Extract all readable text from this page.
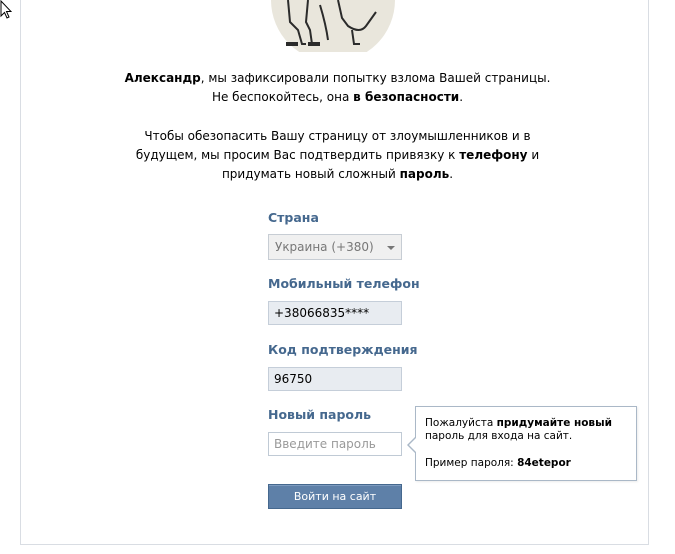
Александр, мы зафиксировали попытку взлома Вашей страницы.
Не беспокойтесь, она в безопасности.
Чтобы обезопасить Вашу страницу от злоумышленников и в
будущем, мы просим Вас подтвердить привязку к телефону и
придумать новый сложный пароль.
Страна
Украина (+380)
Мобильный телефон
+38066835****
Код подтверждения
96750
Новый пароль
Введите пароль
Войти на сайт
Пожалуйста придумайте новый
пароль для входа на сайт.
Пример пароля: 84etepor
